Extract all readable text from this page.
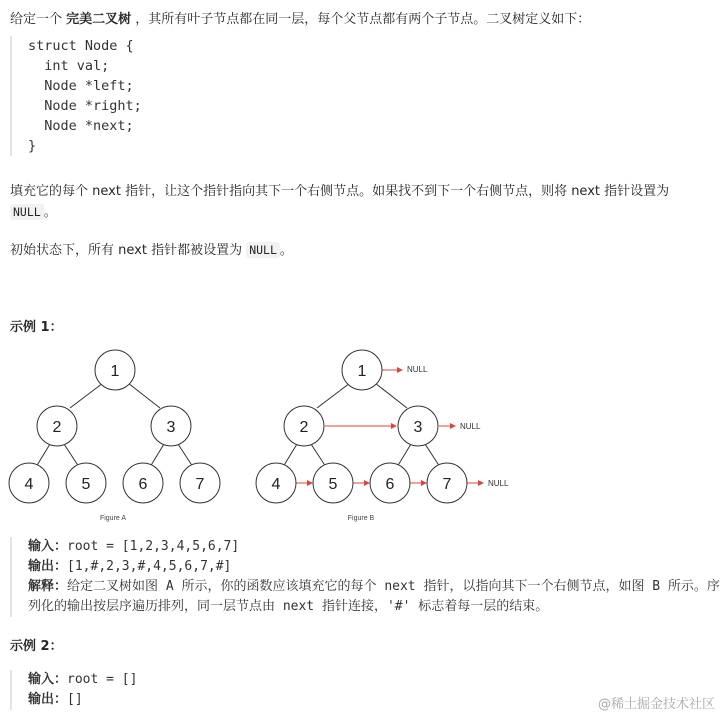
给定一个 完美二叉树 ，其所有叶子节点都在同一层，每个父节点都有两个子节点。二叉树定义如下：

struct Node {
int val;
Node *left;
Node *right;
Node *next;
}

填充它的每个 next 指针，让这个指针指向其下一个右侧节点。如果找不到下一个右侧节点，则将 next 指针设置为
NULL 。

初始状态下，所有 next 指针都被设置为 NULL 。

示例 1：
1
2	3
4	5	6	7
Figure A
1
2	3
4	5	6	7
NULL
NULL
NULL
Figure B
输入：root = [1,2,3,4,5,6,7]
输出：[1,#,2,3,#,4,5,6,7,#]
解释：给定二叉树如图 A 所示，你的函数应该填充它的每个 next 指针，以指向其下一个右侧节点，如图 B 所示。序列化的输出按层序遍历排列，同一层节点由 next 指针连接，'#' 标志着每一层的结束。
示例 2：
输入：root = []
输出：[]	@稀土掘金技术社区
